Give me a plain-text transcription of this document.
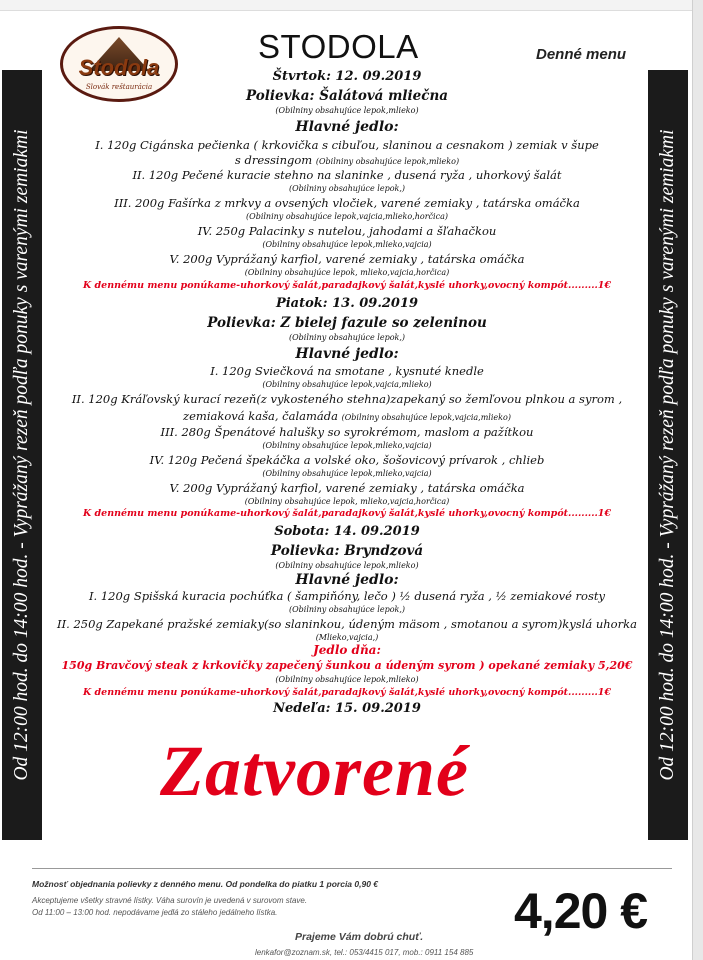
Od 12:00 hod. do 14:00 hod. - Vyprážaný rezeň podľa ponuky s varenými zemiakmi	Od 12:00 hod. do 14:00 hod. - Vyprážaný rezeň podľa ponuky s varenými zemiakmi
Stodola
Slovák reštaurácia
STODOLA	Denné menu
Štvrtok: 12. 09.2019
Polievka: Šalátová mliečna
(Obilniny obsahujúce lepok,mlieko)
Hlavné jedlo:
I. 120g Cigánska pečienka ( krkovička s cibuľou, slaninou a cesnakom ) zemiak v šupe
s dressingom (Obilniny obsahujúce lepok,mlieko)
II. 120g Pečené kuracie stehno na slaninke , dusená ryža , uhorkový šalát
(Obilniny obsahujúce lepok,)
III. 200g Fašírka z mrkvy a ovsených vločiek, varené zemiaky , tatárska omáčka
(Obilniny obsahujúce lepok,vajcia,mlieko,horčica)
IV. 250g Palacinky s nutelou, jahodami a šľahačkou
(Obilniny obsahujúce lepok,mlieko,vajcia)
V. 200g Vyprážaný karfiol, varené zemiaky , tatárska omáčka
(Obilniny obsahujúce lepok, mlieko,vajcia,horčica)
K dennému menu ponúkame-uhorkový šalát,paradajkový šalát,kyslé uhorky,ovocný kompót.........1€
Piatok: 13. 09.2019
Polievka: Z bielej fazule so zeleninou
(Obilniny obsahujúce lepok,)
Hlavné jedlo:
I. 120g Sviečková na smotane , kysnuté knedle
(Obilniny obsahujúce lepok,vajcia,mlieko)
II. 120g Kráľovský kurací rezeň(z vykosteného stehna)zapekaný so žemľovou plnkou a syrom ,
zemiaková kaša, čalamáda (Obilniny obsahujúce lepok,vajcia,mlieko)
III. 280g Špenátové halušky so syrokrémom, maslom a pažítkou
(Obilniny obsahujúce lepok,mlieko,vajcia)
IV. 120g Pečená špekáčka a volské oko, šošovicový prívarok , chlieb
(Obilniny obsahujúce lepok,mlieko,vajcia)
V. 200g Vyprážaný karfiol, varené zemiaky , tatárska omáčka
(Obilniny obsahujúce lepok, mlieko,vajcia,horčica)
K dennému menu ponúkame-uhorkový šalát,paradajkový šalát,kyslé uhorky,ovocný kompót.........1€
Sobota: 14. 09.2019
Polievka: Bryndzová
(Obilniny obsahujúce lepok,mlieko)
Hlavné jedlo:
I. 120g Spišská kuracia pochúťka ( šampiňóny, lečo ) ½ dusená ryža , ½ zemiakové rosty
(Obilniny obsahujúce lepok,)
II. 250g Zapekané pražské zemiaky(so slaninkou, údeným mäsom , smotanou a syrom)kyslá uhorka
(Mlieko,vajcia,)
Jedlo dňa:
150g Bravčový steak z krkovičky zapečený šunkou a údeným syrom ) opekané zemiaky 5,20€
(Obilniny obsahujúce lepok,mlieko)
K dennému menu ponúkame-uhorkový šalát,paradajkový šalát,kyslé uhorky,ovocný kompót.........1€
Nedeľa: 15. 09.2019
Zatvorené
Možnosť objednania polievky z denného menu. Od pondelka do piatku 1 porcia 0,90 €
Akceptujeme všetky stravné lístky. Váha surovín je uvedená v surovom stave.
Od 11:00 – 13:00 hod. nepodávame jedlá zo stáleho jedálneho lístka.
Prajeme Vám dobrú chuť.
lenkafor@zoznam.sk, tel.: 053/4415 017, mob.: 0911 154 885
4,20 €
